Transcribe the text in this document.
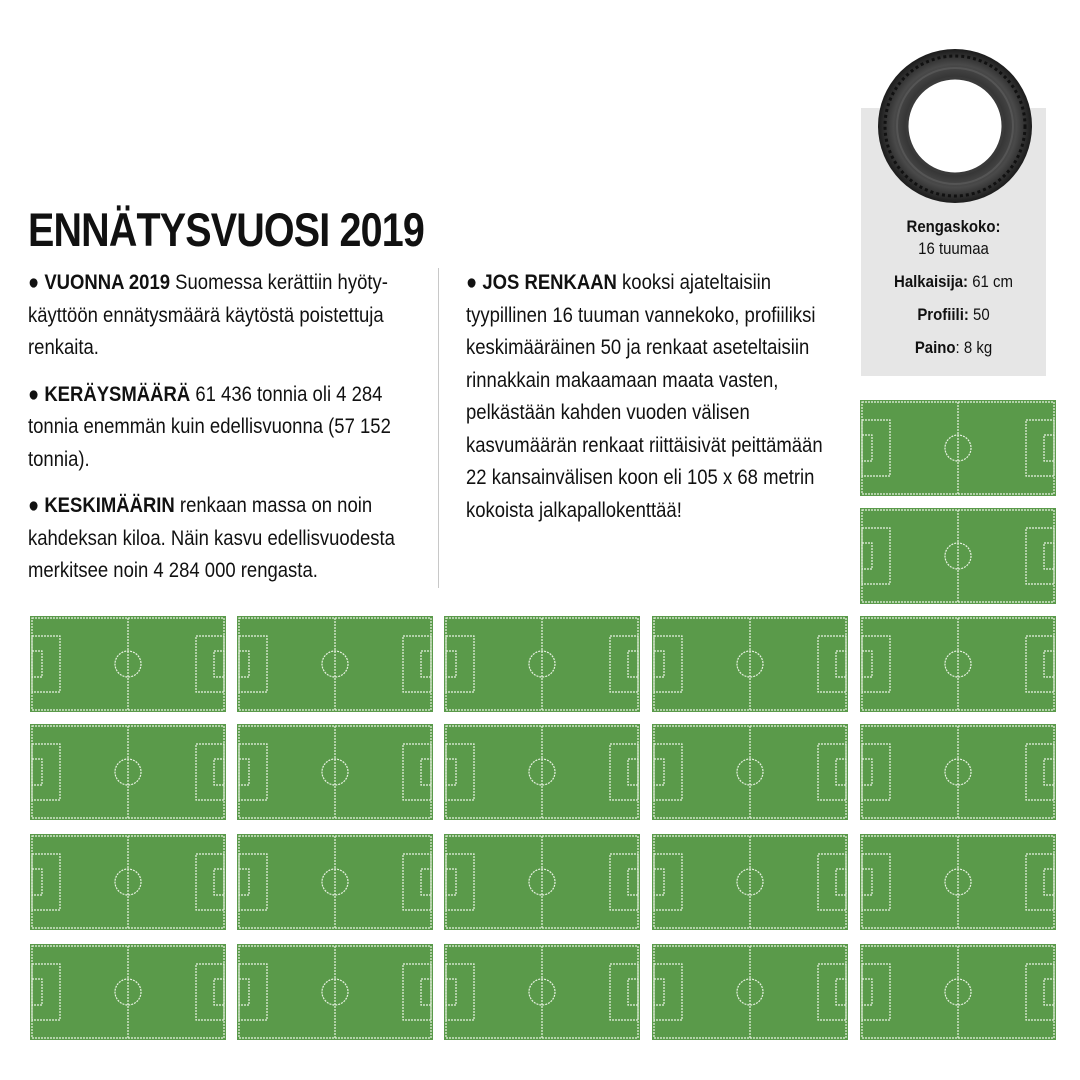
ENNÄTYSVUOSI 2019

● VUONNA 2019 Suomessa kerättiin hyötykäyttöön ennätysmäärä käytöstä poistettuja renkaita.

● KERÄYSMÄÄRÄ 61 436 tonnia oli 4 284 tonnia enemmän kuin edellisvuonna (57 152 tonnia).

● KESKIMÄÄRIN renkaan massa on noin kahdeksan kiloa. Näin kasvu edellisvuodesta merkitsee noin 4 284 000 rengasta.

● JOS RENKAAN kooksi ajateltaisiin tyypillinen 16 tuuman vannekoko, profiiliksi keskimääräinen 50 ja renkaat aseteltaisiin rinnakkain makaamaan maata vasten, pelkästään kahden vuoden välisen kasvumäärän renkaat riittäisivät peittämään 22 kansainvälisen koon eli 105 x 68 metrin kokoista jalkapallokenttää!

Rengaskoko:
16 tuumaa
Halkaisija: 61 cm
Profiili: 50
Paino: 8 kg
